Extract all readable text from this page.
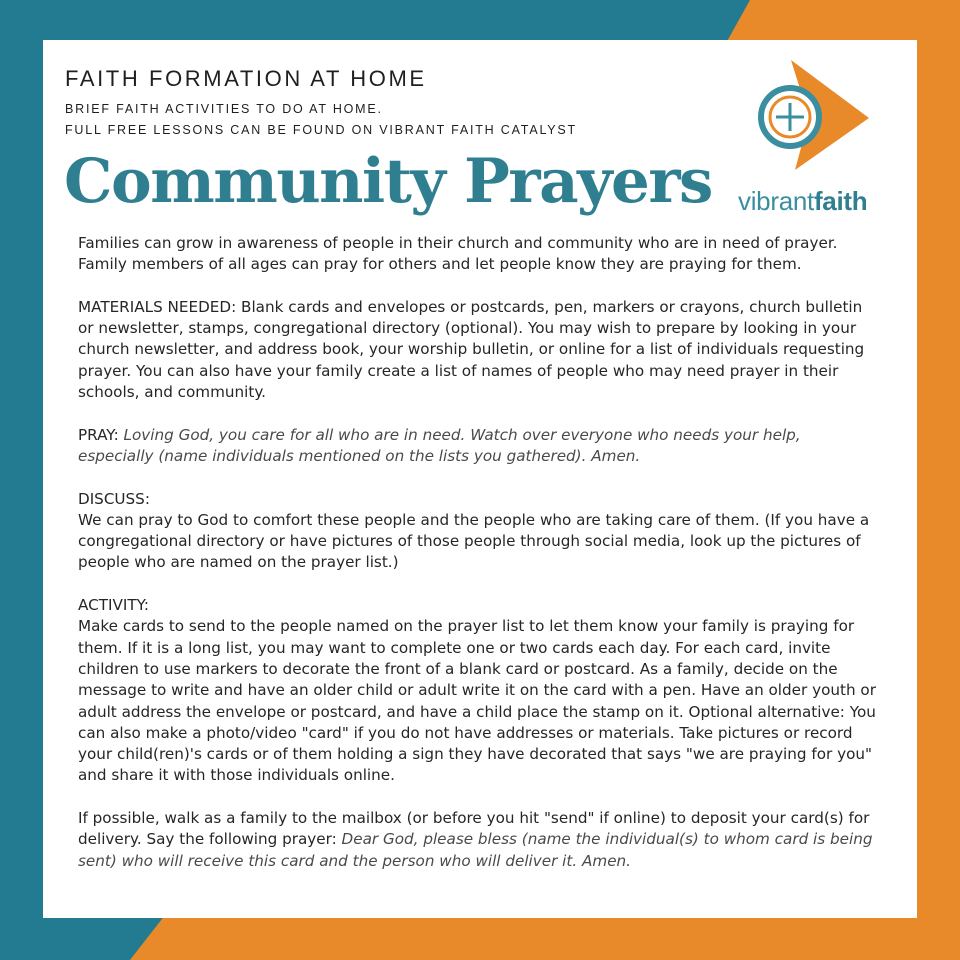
FAITH FORMATION AT HOME
BRIEF FAITH ACTIVITIES TO DO AT HOME.
FULL FREE LESSONS CAN BE FOUND ON VIBRANT FAITH CATALYST
Community Prayers vibrantfaith

Families can grow in awareness of people in their church and community who are in need of prayer. Family members of all ages can pray for others and let people know they are praying for them.

MATERIALS NEEDED: Blank cards and envelopes or postcards, pen, markers or crayons, church bulletin or newsletter, stamps, congregational directory (optional). You may wish to prepare by looking in your church newsletter, and address book, your worship bulletin, or online for a list of individuals requesting prayer. You can also have your family create a list of names of people who may need prayer in their schools, and community.

PRAY: Loving God, you care for all who are in need. Watch over everyone who needs your help, especially (name individuals mentioned on the lists you gathered). Amen.

DISCUSS:
We can pray to God to comfort these people and the people who are taking care of them. (If you have a congregational directory or have pictures of those people through social media, look up the pictures of people who are named on the prayer list.)

ACTIVITY:
Make cards to send to the people named on the prayer list to let them know your family is praying for them. If it is a long list, you may want to complete one or two cards each day. For each card, invite children to use markers to decorate the front of a blank card or postcard. As a family, decide on the message to write and have an older child or adult write it on the card with a pen. Have an older youth or adult address the envelope or postcard, and have a child place the stamp on it. Optional alternative: You can also make a photo/video "card" if you do not have addresses or materials. Take pictures or record your child(ren)'s cards or of them holding a sign they have decorated that says "we are praying for you" and share it with those individuals online.

If possible, walk as a family to the mailbox (or before you hit "send" if online) to deposit your card(s) for delivery. Say the following prayer: Dear God, please bless (name the individual(s) to whom card is being sent) who will receive this card and the person who will deliver it. Amen.
